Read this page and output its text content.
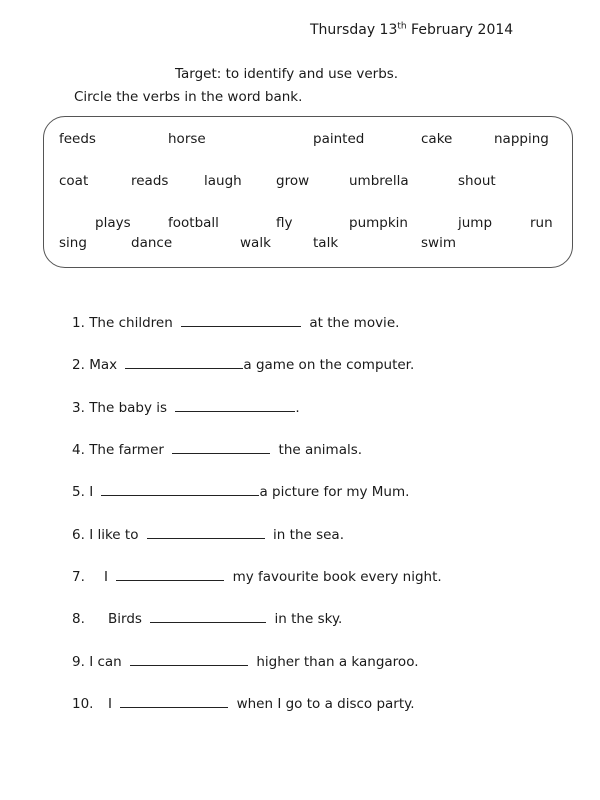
Thursday 13th February 2014
Target: to identify and use verbs.
Circle the verbs in the word bank.
feeds	horse	painted	cake	napping
coat	reads	laugh	grow	umbrella	shout
plays	football	fly	pumpkin	jump	run
sing	dance	walk	talk	swim
1. The children	at the movie.
2. Max	a game on the computer.
3. The baby is	.
4. The farmer	the animals.
5. I	a picture for my Mum.
6. I like to	in the sea.
7. I	my favourite book every night.
8. Birds	in the sky.
9. I can	higher than a kangaroo.
10. I	when I go to a disco party.
